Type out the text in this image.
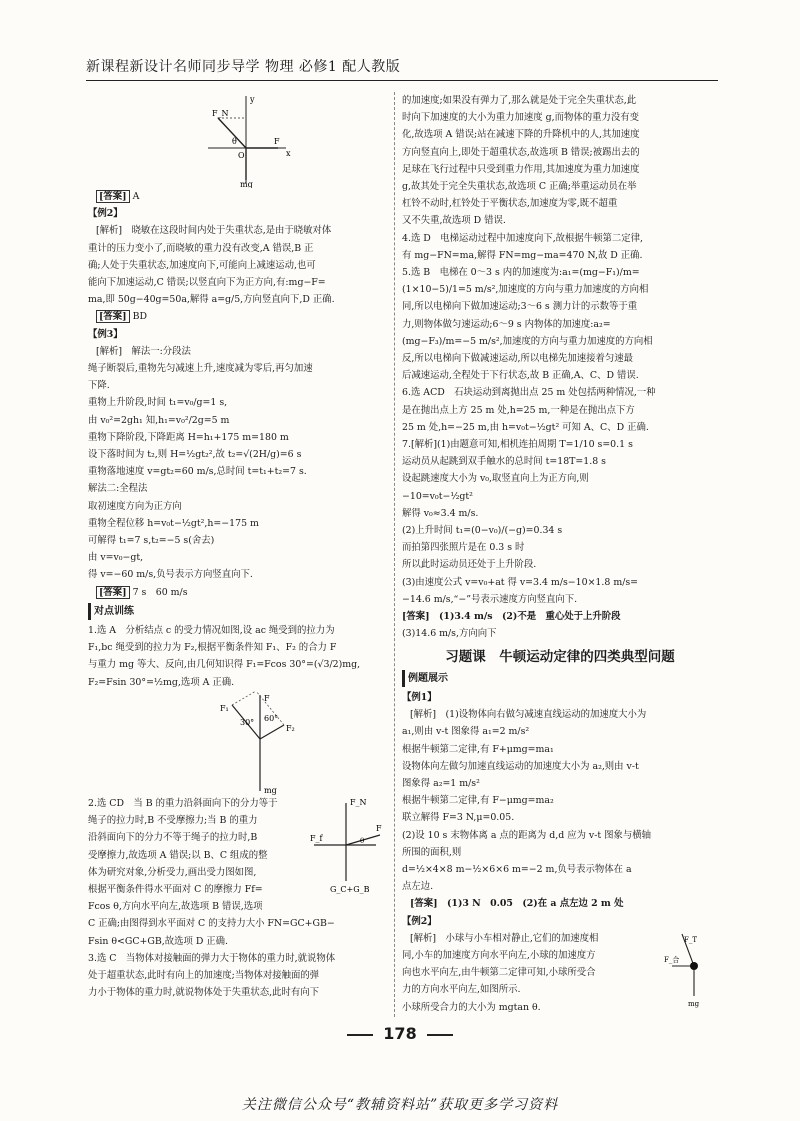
新课程新设计名师同步导学 物理 必修1 配人教版
F_N
y
θ	F
x
O
mg
[答案] A
【例2】
[解析]　晓敏在这段时间内处于失重状态,是由于晓敏对体
重计的压力变小了,而晓敏的重力没有改变,A 错误,B 正
确;人处于失重状态,加速度向下,可能向上减速运动,也可
能向下加速运动,C 错误;以竖直向下为正方向,有:mg−F=
ma,即 50g−40g=50a,解得 a=g/5,方向竖直向下,D 正确.
[答案] BD
【例3】
[解析]　解法一:分段法
绳子断裂后,重物先匀减速上升,速度减为零后,再匀加速
下降.
重物上升阶段,时间 t₁=v₀/g=1 s,
由 v₀²=2gh₁ 知,h₁=v₀²/2g=5 m
重物下降阶段,下降距离 H=h₁+175 m=180 m
设下落时间为 t₂,则 H=½gt₂²,故 t₂=√(2H/g)=6 s
重物落地速度 v=gt₂=60 m/s,总时间 t=t₁+t₂=7 s.
解法二:全程法
取初速度方向为正方向
重物全程位移 h=v₀t−½gt²,h=−175 m
可解得 t₁=7 s,t₂=−5 s(舍去)
由 v=v₀−gt,
得 v=−60 m/s,负号表示方向竖直向下.
[答案] 7 s　60 m/s
对点训练
1.选 A　分析结点 c 的受力情况如图,设 ac 绳受到的拉力为
F₁,bc 绳受到的拉力为 F₂,根据平衡条件知 F₁、F₂ 的合力 F
与重力 mg 等大、反向,由几何知识得 F₁=Fcos 30°=(√3/2)mg,
F₂=Fsin 30°=½mg,选项 A 正确.
F
F₁
F₂
30° 60°
mg
2.选 CD　当 B 的重力沿斜面向下的分力等于
绳子的拉力时,B 不受摩擦力;当 B 的重力
沿斜面向下的分力不等于绳子的拉力时,B
受摩擦力,故选项 A 错误;以 B、C 组成的整
体为研究对象,分析受力,画出受力图如图,
根据平衡条件得水平面对 C 的摩擦力 Ff=
Fcos θ,方向水平向左,故选项 B 错误,选项
C 正确;由图得到水平面对 C 的支持力大小 FN=GC+GB−
Fsin θ<GC+GB,故选项 D 正确.
F_N
F_f
F
θ
G_C+G_B
3.选 C　当物体对接触面的弹力大于物体的重力时,就说物体
处于超重状态,此时有向上的加速度;当物体对接触面的弹
力小于物体的重力时,就说物体处于失重状态,此时有向下
的加速度;如果没有弹力了,那么就是处于完全失重状态,此
时向下加速度的大小为重力加速度 g,而物体的重力没有变
化,故选项 A 错误;站在减速下降的升降机中的人,其加速度
方向竖直向上,即处于超重状态,故选项 B 错误;被踢出去的
足球在飞行过程中只受到重力作用,其加速度为重力加速度
g,故其处于完全失重状态,故选项 C 正确;举重运动员在举
杠铃不动时,杠铃处于平衡状态,加速度为零,既不超重
又不失重,故选项 D 错误.
4.选 D　电梯运动过程中加速度向下,故根据牛顿第二定律,
有 mg−FN=ma,解得 FN=mg−ma=470 N,故 D 正确.
5.选 B　电梯在 0～3 s 内的加速度为:a₁=(mg−F₁)/m=
(1×10−5)/1=5 m/s²,加速度的方向与重力加速度的方向相
同,所以电梯向下做加速运动;3～6 s 测力计的示数等于重
力,则物体做匀速运动;6～9 s 内物体的加速度:a₂=
(mg−F₃)/m=−5 m/s²,加速度的方向与重力加速度的方向相
反,所以电梯向下做减速运动,所以电梯先加速接着匀速最
后减速运动,全程处于下行状态,故 B 正确,A、C、D 错误.
6.选 ACD　石块运动到离抛出点 25 m 处包括两种情况,一种
是在抛出点上方 25 m 处,h=25 m,一种是在抛出点下方
25 m 处,h=−25 m,由 h=v₀t−½gt² 可知 A、C、D 正确.
7.[解析](1)由题意可知,相机连拍周期 T=1/10 s=0.1 s
运动员从起跳到双手触水的总时间 t=18T=1.8 s
设起跳速度大小为 v₀,取竖直向上为正方向,则
−10=v₀t−½gt²
解得 v₀≈3.4 m/s.
(2)上升时间 t₁=(0−v₀)/(−g)=0.34 s
而拍第四张照片是在 0.3 s 时
所以此时运动员还处于上升阶段.
(3)由速度公式 v=v₀+at 得 v=3.4 m/s−10×1.8 m/s=
−14.6 m/s,“−”号表示速度方向竖直向下.
[答案]　(1)3.4 m/s　(2)不是　重心处于上升阶段
(3)14.6 m/s,方向向下
习题课　牛顿运动定律的四类典型问题
例题展示
【例1】
[解析]　(1)设物体向右做匀减速直线运动的加速度大小为
a₁,则由 v-t 图象得 a₁=2 m/s²
根据牛顿第二定律,有 F+μmg=ma₁
设物体向左做匀加速直线运动的加速度大小为 a₂,则由 v-t
图象得 a₂=1 m/s²
根据牛顿第二定律,有 F−μmg=ma₂
联立解得 F=3 N,μ=0.05.
(2)设 10 s 末物体离 a 点的距离为 d,d 应为 v-t 图象与横轴
所围的面积,则
d=½×4×8 m−½×6×6 m=−2 m,负号表示物体在 a
点左边.
[答案]　(1)3 N　0.05　(2)在 a 点左边 2 m 处
【例2】
[解析]　小球与小车相对静止,它们的加速度相
同,小车的加速度方向水平向左,小球的加速度方
向也水平向左,由牛顿第二定律可知,小球所受合
力的方向水平向左,如图所示.
小球所受合力的大小为 mgtan θ.
F_T
F_合
mg
178
关注微信公众号“教辅资料站”获取更多学习资料
